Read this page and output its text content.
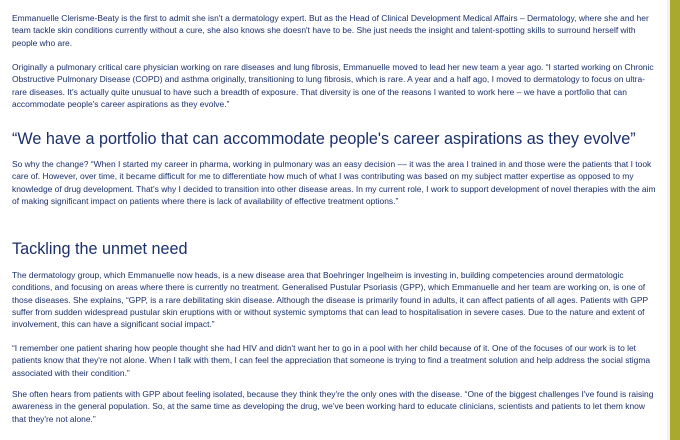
Emmanuelle Clerisme-Beaty is the first to admit she isn't a dermatology expert. But as the Head of Clinical Development Medical Affairs – Dermatology, where she and her team tackle skin conditions currently without a cure, she also knows she doesn't have to be. She just needs the insight and talent-spotting skills to surround herself with people who are.

Originally a pulmonary critical care physician working on rare diseases and lung fibrosis, Emmanuelle moved to lead her new team a year ago. “I started working on Chronic Obstructive Pulmonary Disease (COPD) and asthma originally, transitioning to lung fibrosis, which is rare. A year and a half ago, I moved to dermatology to focus on ultra-rare diseases. It's actually quite unusual to have such a breadth of exposure. That diversity is one of the reasons I wanted to work here – we have a portfolio that can accommodate people's career aspirations as they evolve.”

“We have a portfolio that can accommodate people's career aspirations as they evolve”

So why the change? “When I started my career in pharma, working in pulmonary was an easy decision –– it was the area I trained in and those were the patients that I took care of. However, over time, it became difficult for me to differentiate how much of what I was contributing was based on my subject matter expertise as opposed to my knowledge of drug development. That's why I decided to transition into other disease areas. In my current role, I work to support development of novel therapies with the aim of making significant impact on patients where there is lack of availability of effective treatment options.”

Tackling the unmet need

The dermatology group, which Emmanuelle now heads, is a new disease area that Boehringer Ingelheim is investing in, building competencies around dermatologic conditions, and focusing on areas where there is currently no treatment. Generalised Pustular Psoriasis (GPP), which Emmanuelle and her team are working on, is one of those diseases. She explains, “GPP, is a rare debilitating skin disease. Although the disease is primarily found in adults, it can affect patients of all ages. Patients with GPP suffer from sudden widespread pustular skin eruptions with or without systemic symptoms that can lead to hospitalisation in severe cases. Due to the nature and extent of involvement, this can have a significant social impact.”

“I remember one patient sharing how people thought she had HIV and didn't want her to go in a pool with her child because of it. One of the focuses of our work is to let patients know that they're not alone. When I talk with them, I can feel the appreciation that someone is trying to find a treatment solution and help address the social stigma associated with their condition.”

She often hears from patients with GPP about feeling isolated, because they think they're the only ones with the disease. “One of the biggest challenges I've found is raising awareness in the general population. So, at the same time as developing the drug, we've been working hard to educate clinicians, scientists and patients to let them know that they're not alone.”
